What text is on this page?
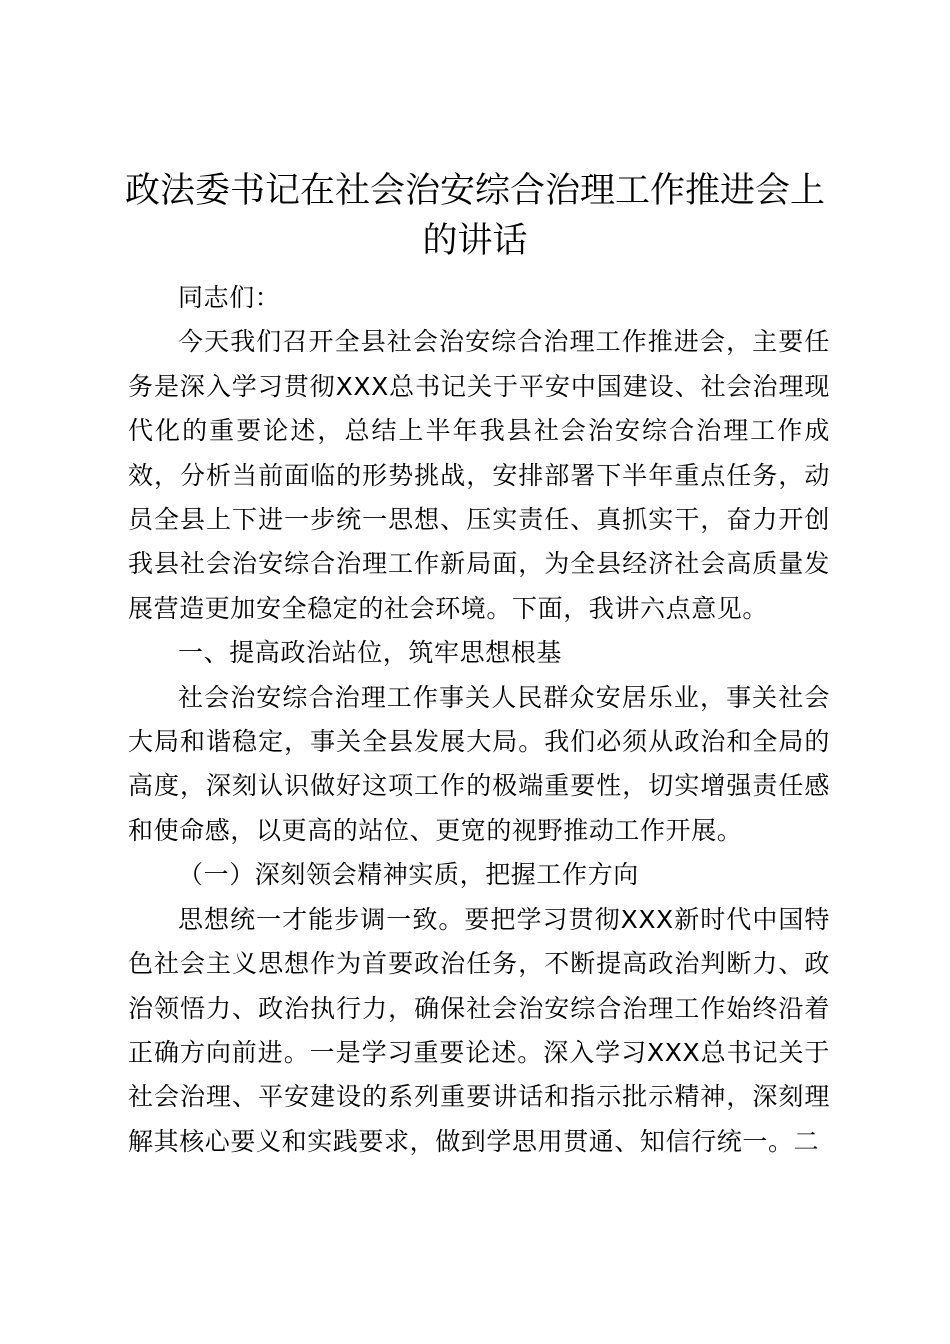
政法委书记在社会治安综合治理工作推进会上的讲话

同志们：

今天我们召开全县社会治安综合治理工作推进会，主要任务是深入学习贯彻XXX总书记关于平安中国建设、社会治理现代化的重要论述，总结上半年我县社会治安综合治理工作成效，分析当前面临的形势挑战，安排部署下半年重点任务，动员全县上下进一步统一思想、压实责任、真抓实干，奋力开创我县社会治安综合治理工作新局面，为全县经济社会高质量发展营造更加安全稳定的社会环境。下面，我讲六点意见。

一、提高政治站位，筑牢思想根基

社会治安综合治理工作事关人民群众安居乐业，事关社会大局和谐稳定，事关全县发展大局。我们必须从政治和全局的高度，深刻认识做好这项工作的极端重要性，切实增强责任感和使命感，以更高的站位、更宽的视野推动工作开展。

（一）深刻领会精神实质，把握工作方向

思想统一才能步调一致。要把学习贯彻XXX新时代中国特色社会主义思想作为首要政治任务，不断提高政治判断力、政治领悟力、政治执行力，确保社会治安综合治理工作始终沿着正确方向前进。一是学习重要论述。深入学习XXX总书记关于社会治理、平安建设的系列重要讲话和指示批示精神，深刻理解其核心要义和实践要求，做到学思用贯通、知信行统一。二
